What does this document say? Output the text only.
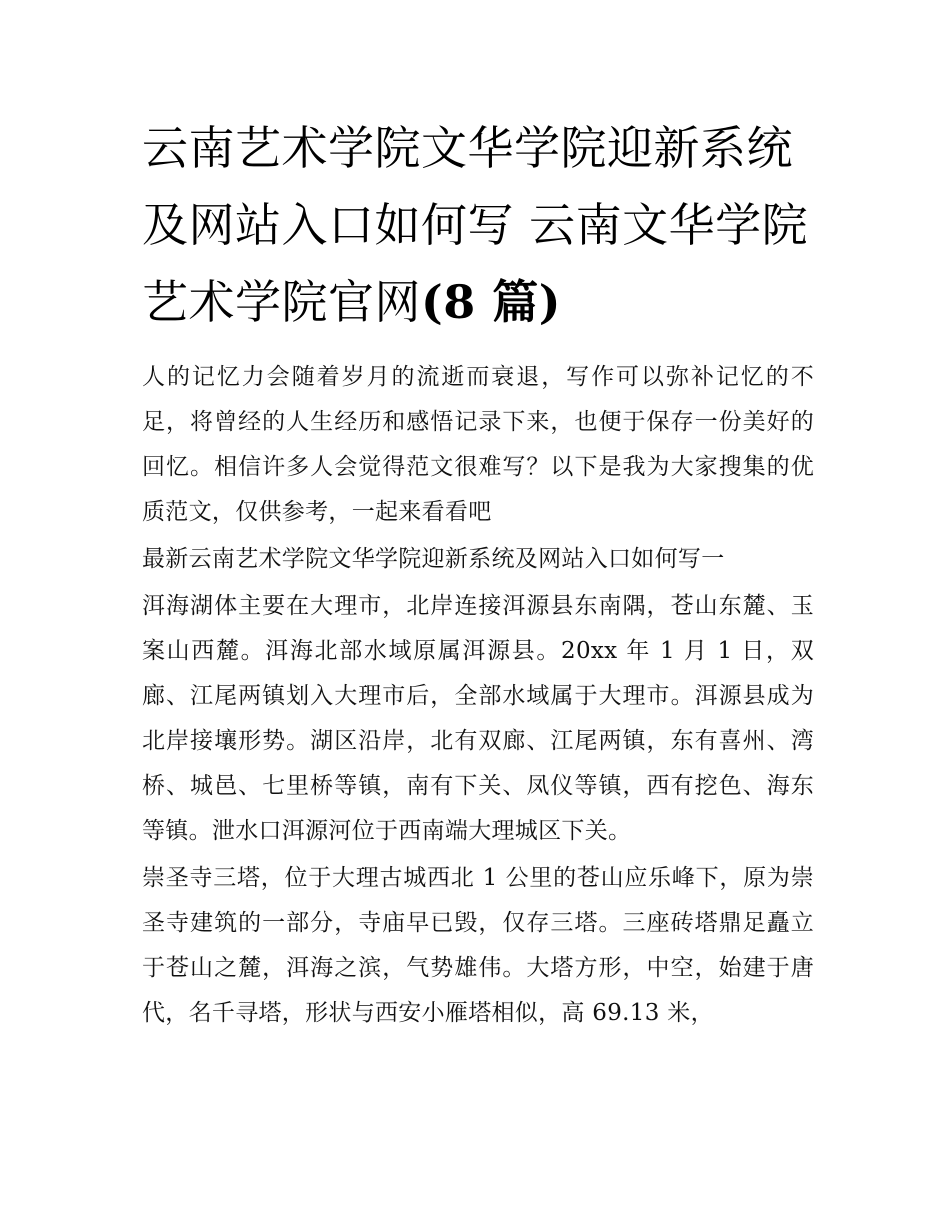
云南艺术学院文华学院迎新系统及网站入口如何写 云南文华学院艺术学院官网(8 篇)

人的记忆力会随着岁月的流逝而衰退，写作可以弥补记忆的不足，将曾经的人生经历和感悟记录下来，也便于保存一份美好的回忆。相信许多人会觉得范文很难写？以下是我为大家搜集的优质范文，仅供参考，一起来看看吧

最新云南艺术学院文华学院迎新系统及网站入口如何写一

洱海湖体主要在大理市，北岸连接洱源县东南隅，苍山东麓、玉案山西麓。洱海北部水域原属洱源县。20xx 年 1 月 1 日，双廊、江尾两镇划入大理市后，全部水域属于大理市。洱源县成为北岸接壤形势。湖区沿岸，北有双廊、江尾两镇，东有喜州、湾桥、城邑、七里桥等镇，南有下关、凤仪等镇，西有挖色、海东等镇。泄水口洱源河位于西南端大理城区下关。

崇圣寺三塔，位于大理古城西北 1 公里的苍山应乐峰下，原为崇圣寺建筑的一部分，寺庙早已毁，仅存三塔。三座砖塔鼎足矗立于苍山之麓，洱海之滨，气势雄伟。大塔方形，中空，始建于唐代，名千寻塔，形状与西安小雁塔相似，高 69.13 米，
